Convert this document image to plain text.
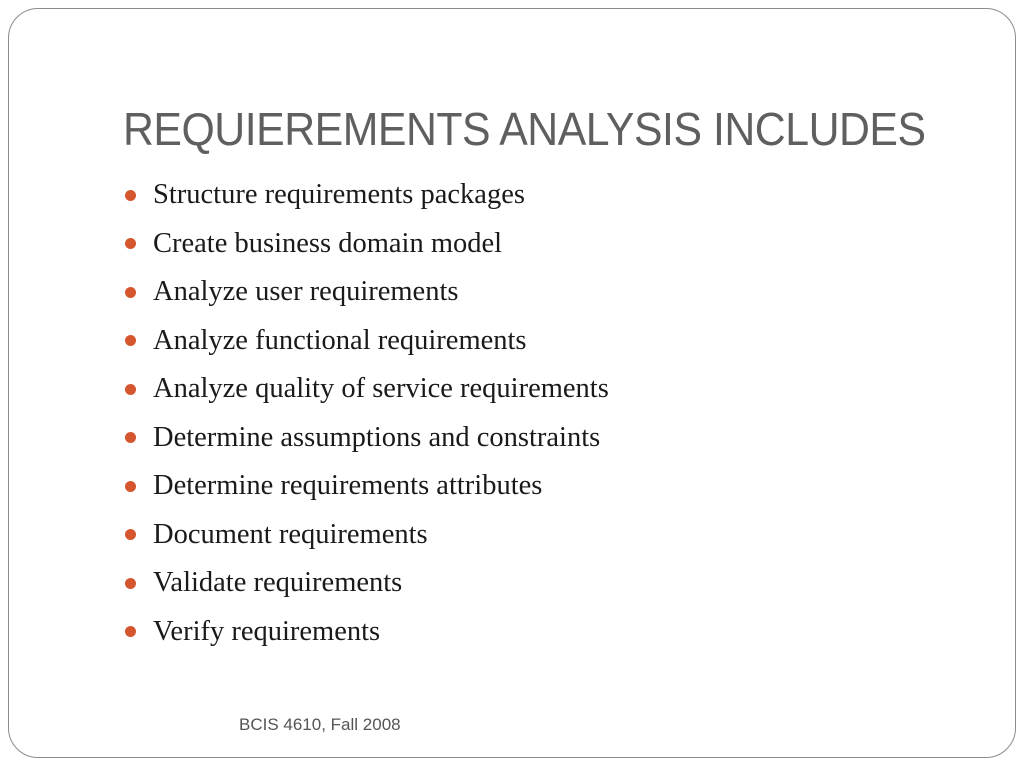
REQUIEREMENTS ANALYSIS INCLUDES
Structure requirements packages
Create business domain model
Analyze user requirements
Analyze functional requirements
Analyze quality of service requirements
Determine assumptions and constraints
Determine requirements attributes
Document requirements
Validate requirements
Verify requirements
BCIS 4610, Fall 2008
